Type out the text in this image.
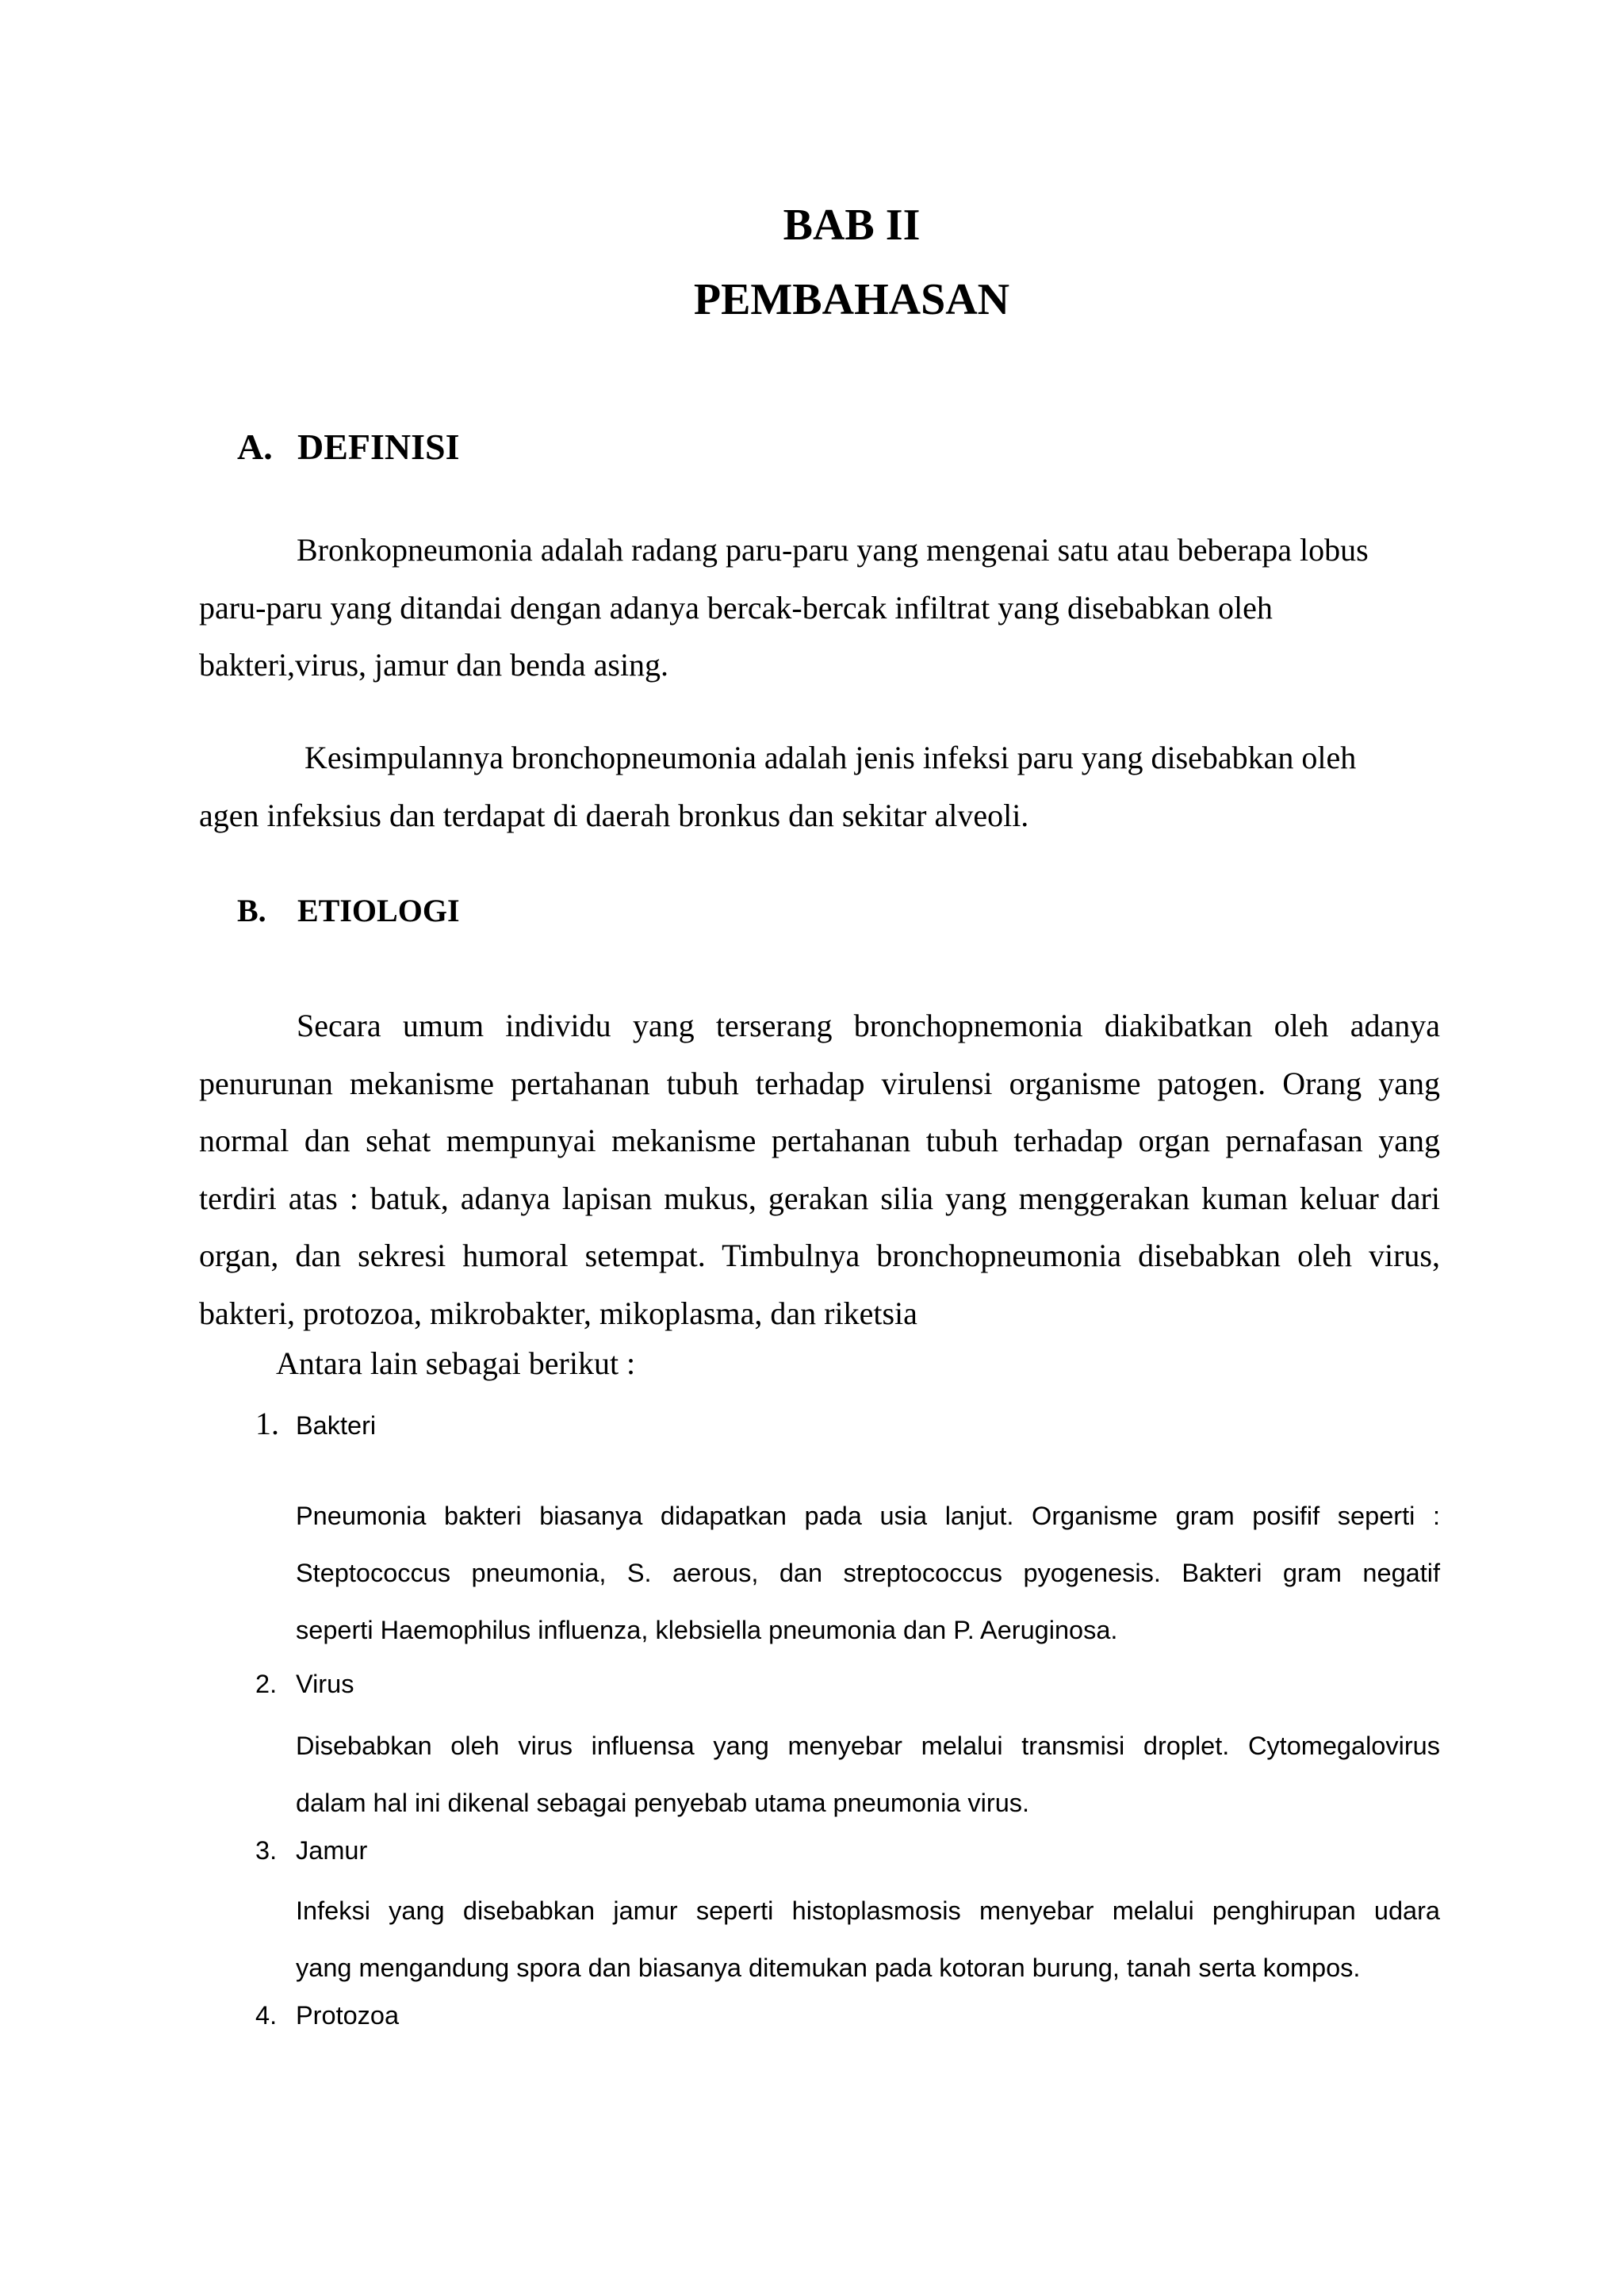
BAB II
PEMBAHASAN
A. DEFINISI
Bronkopneumonia adalah radang paru-paru yang mengenai satu atau beberapa lobus
paru-paru yang ditandai dengan adanya bercak-bercak infiltrat yang disebabkan oleh
bakteri,virus, jamur dan benda asing.
Kesimpulannya bronchopneumonia adalah jenis infeksi paru yang disebabkan oleh
agen infeksius dan terdapat di daerah bronkus dan sekitar alveoli.
B. ETIOLOGI
Secara umum individu yang terserang bronchopnemonia diakibatkan oleh adanya
penurunan mekanisme pertahanan tubuh terhadap virulensi organisme patogen. Orang yang
normal dan sehat mempunyai mekanisme pertahanan tubuh terhadap organ pernafasan yang
terdiri atas : batuk, adanya lapisan mukus, gerakan silia yang menggerakan kuman keluar dari
organ, dan sekresi humoral setempat. Timbulnya bronchopneumonia disebabkan oleh virus,
bakteri, protozoa, mikrobakter, mikoplasma, dan riketsia
Antara lain sebagai berikut :
1. Bakteri
Pneumonia bakteri biasanya didapatkan pada usia lanjut. Organisme gram posifif seperti :
Steptococcus pneumonia, S. aerous, dan streptococcus pyogenesis. Bakteri gram negatif
seperti Haemophilus influenza, klebsiella pneumonia dan P. Aeruginosa.
2. Virus
Disebabkan oleh virus influensa yang menyebar melalui transmisi droplet. Cytomegalovirus
dalam hal ini dikenal sebagai penyebab utama pneumonia virus.
3. Jamur
Infeksi yang disebabkan jamur seperti histoplasmosis menyebar melalui penghirupan udara
yang mengandung spora dan biasanya ditemukan pada kotoran burung, tanah serta kompos.
4. Protozoa
